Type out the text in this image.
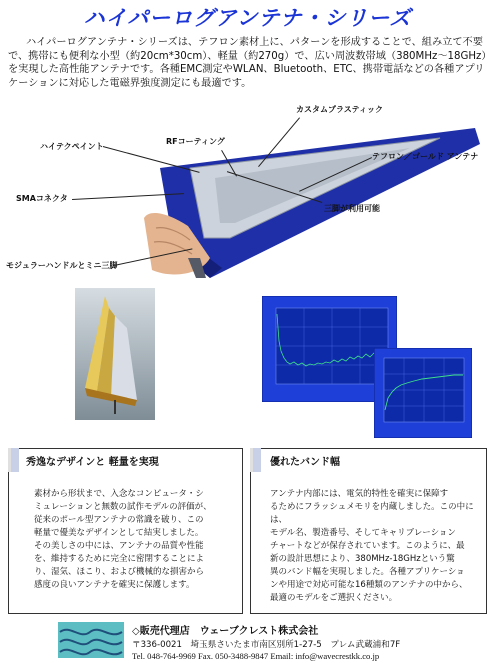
ハイパーログアンテナ・シリーズ
ハイパーログアンテナ・シリーズは、テフロン素材上に、パターンを形成することで、組み立て不要で、携帯にも便利な小型（約20cm*30cm）、軽量（約270g）で、広い周波数帯域（380MHz～18GHz）を実現した高性能アンテナです。各種EMC測定やWLAN、Bluetooth、ETC、携帯電話などの各種アプリケーションに対応した電磁界強度測定にも最適です。
RFコーティング
カスタムプラスティック
ハイテクペイント
テフロン／ゴールド アンテナ
SMAコネクタ
三脚が利用可能
モジュラーハンドルとミニ三脚
秀逸なデザインと 軽量を実現
素材から形状まで、入念なコンピュータ・シ
ミュレーションと無数の試作モデルの評価が、
従来のポール型アンテナの常識を破り、この
軽量で優美なデザインとして結実しました。
その美しさの中には、アンテナの品質や性能
を、維持するために完全に密閉することによ
り、湿気、ほこり、および機械的な損害から
感度の良いアンテナを確実に保護します。
優れたバンド幅
アンテナ内部には、電気的特性を確実に保障す
るためにフラッシュメモリを内蔵しました。この中には、
モデル名、製造番号、そしてキャリブレーション
チャートなどが保存されています。このように、最
新の設計思想により、380MHz-18GHzという驚
異のバンド幅を実現しました。各種アプリケーショ
ンや用途で対応可能な16種類のアンテナの中から、
最適のモデルをご選択ください。
◇販売代理店　ウェーブクレスト株式会社
〒336-0021　埼玉県さいたま市南区別所1-27-5　プレム武蔵浦和7F
Tel. 048-764-9969 Fax. 050-3488-9847 Email: info@wavecrestkk.co.jp
